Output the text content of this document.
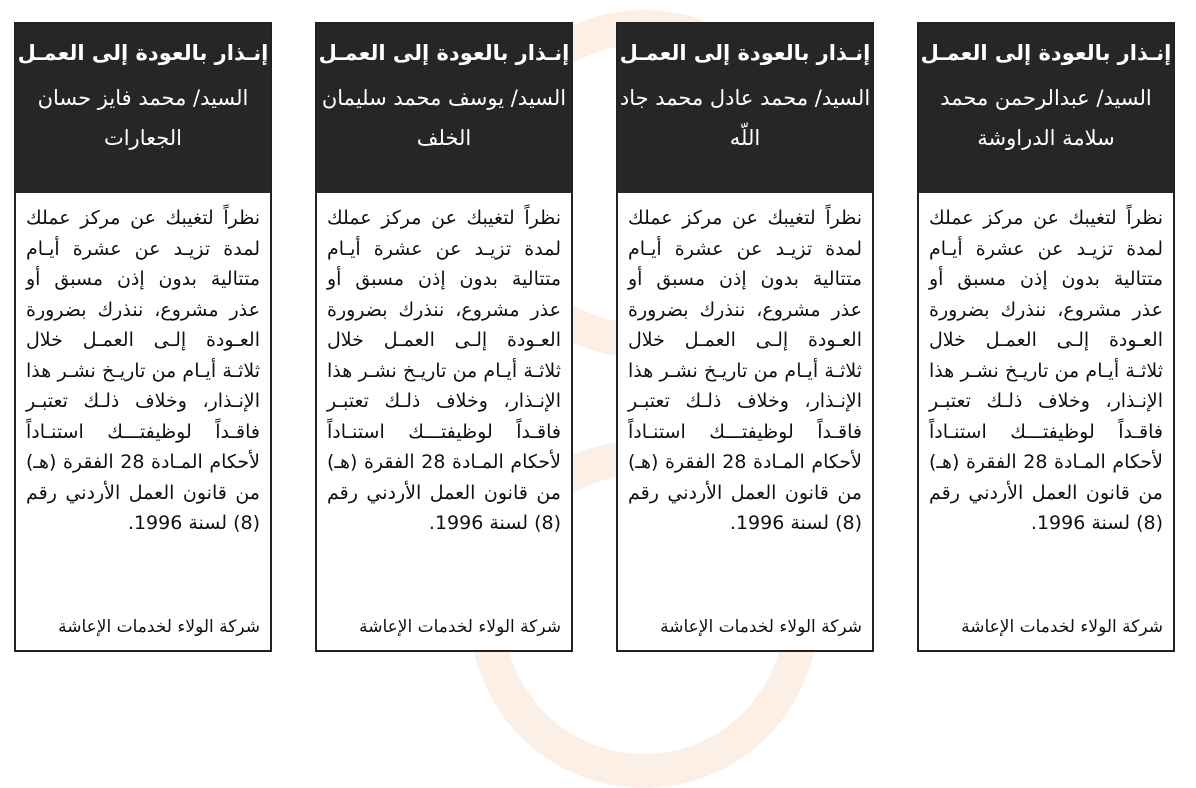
إنـذار بالعودة إلى العمـل
السيد/ عبدالرحمن محمد سلامة الدراوشة
نظراً لتغيبك عن مركز عملك لمدة تزيـد عن عشرة أيـام متتالية بدون إذن مسبق أو عذر مشروع، ننذرك بضرورة العـودة إلـى العمـل خلال ثلاثـة أيـام من تاريـخ نشـر هذا الإنـذار، وخلاف ذلـك تعتبـر فاقـداً لوظيفتـــك استنـاداً لأحكام المـادة 28 الفقرة (هـ) من قانون العمل الأردني رقم (8) لسنة 1996.
شركة الولاء لخدمات الإعاشة
إنـذار بالعودة إلى العمـل
السيد/ محمد عادل محمد جاد اللّه
نظراً لتغيبك عن مركز عملك لمدة تزيـد عن عشرة أيـام متتالية بدون إذن مسبق أو عذر مشروع، ننذرك بضرورة العـودة إلـى العمـل خلال ثلاثـة أيـام من تاريـخ نشـر هذا الإنـذار، وخلاف ذلـك تعتبـر فاقـداً لوظيفتـــك استنـاداً لأحكام المـادة 28 الفقرة (هـ) من قانون العمل الأردني رقم (8) لسنة 1996.
شركة الولاء لخدمات الإعاشة
إنـذار بالعودة إلى العمـل
السيد/ يوسف محمد سليمان الخلف
نظراً لتغيبك عن مركز عملك لمدة تزيـد عن عشرة أيـام متتالية بدون إذن مسبق أو عذر مشروع، ننذرك بضرورة العـودة إلـى العمـل خلال ثلاثـة أيـام من تاريـخ نشـر هذا الإنـذار، وخلاف ذلـك تعتبـر فاقـداً لوظيفتـــك استنـاداً لأحكام المـادة 28 الفقرة (هـ) من قانون العمل الأردني رقم (8) لسنة 1996.
شركة الولاء لخدمات الإعاشة
إنـذار بالعودة إلى العمـل
السيد/ محمد فايز حسان الجعارات
نظراً لتغيبك عن مركز عملك لمدة تزيـد عن عشرة أيـام متتالية بدون إذن مسبق أو عذر مشروع، ننذرك بضرورة العـودة إلـى العمـل خلال ثلاثـة أيـام من تاريـخ نشـر هذا الإنـذار، وخلاف ذلـك تعتبـر فاقـداً لوظيفتـــك استنـاداً لأحكام المـادة 28 الفقرة (هـ) من قانون العمل الأردني رقم (8) لسنة 1996.
شركة الولاء لخدمات الإعاشة
